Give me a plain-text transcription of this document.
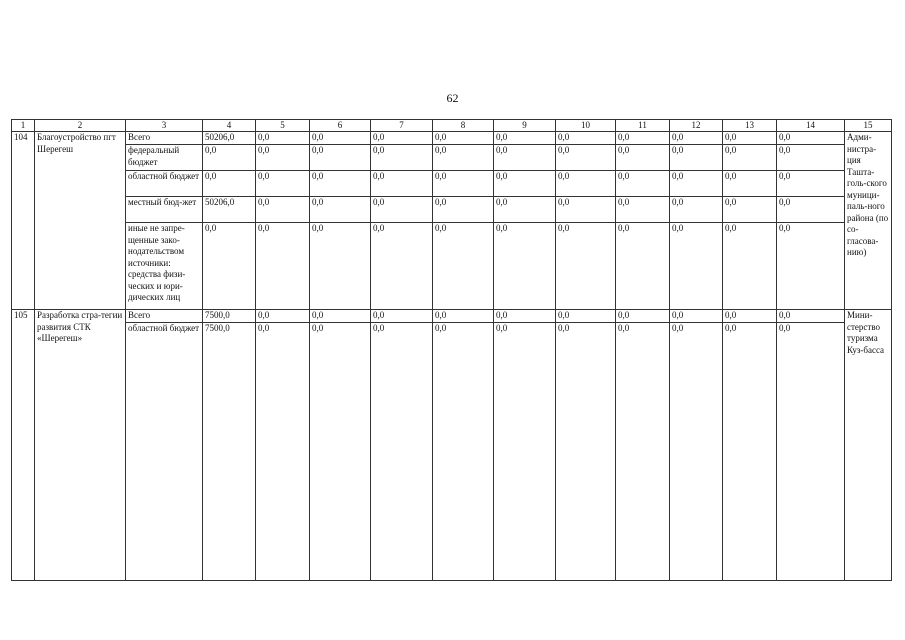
62
1	2	3	4	5	6	7	8	9	10	11	12	13	14	15
104	Благоустройство пгт Шерегеш	Всего	50206,0	0,0	0,0	0,0	0,0	0,0	0,0	0,0	0,0	0,0	0,0	Адми-нистра-ция Ташта-голь-ского муници-паль-ного района (по со-гласова-нию)
		федеральный бюджет	0,0	0,0	0,0	0,0	0,0	0,0	0,0	0,0	0,0	0,0	0,0	
		областной бюджет	0,0	0,0	0,0	0,0	0,0	0,0	0,0	0,0	0,0	0,0	0,0	
		местный бюд-жет	50206,0	0,0	0,0	0,0	0,0	0,0	0,0	0,0	0,0	0,0	0,0	
		иные не запре-щенные зако-нодательством источники: средства физи-ческих и юри-дических лиц	0,0	0,0	0,0	0,0	0,0	0,0	0,0	0,0	0,0	0,0	0,0	
105	Разработка стра-тегии развития СТК «Шерегеш»	Всего	7500,0	0,0	0,0	0,0	0,0	0,0	0,0	0,0	0,0	0,0	0,0	Мини-стерство туризма Куз-басса
		областной бюджет	7500,0	0,0	0,0	0,0	0,0	0,0	0,0	0,0	0,0	0,0	0,0	
